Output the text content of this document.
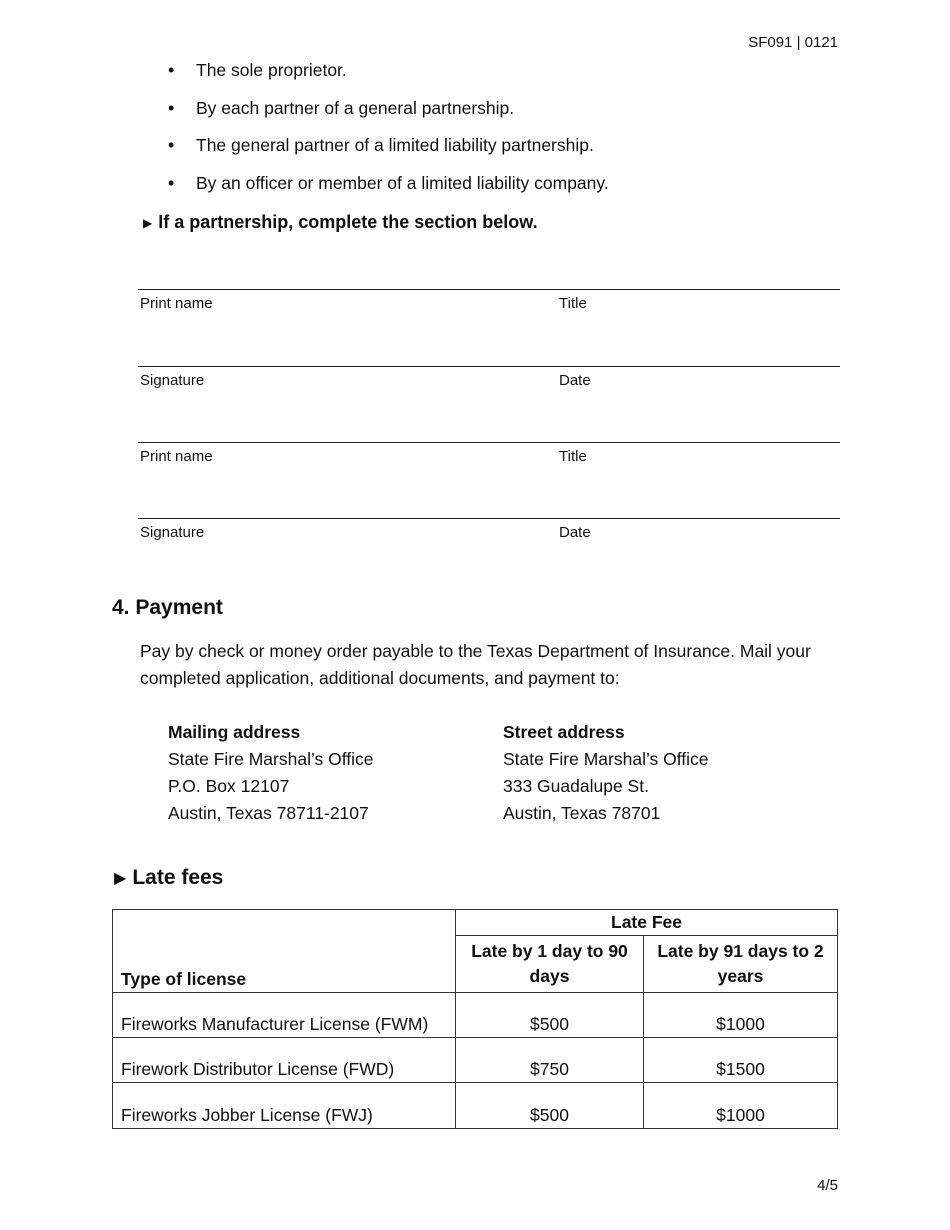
SF091 | 0121
• The sole proprietor.
• By each partner of a general partnership.
• The general partner of a limited liability partnership.
• By an officer or member of a limited liability company.
▶ If a partnership, complete the section below.
Print name	Title
Signature	Date
Print name	Title
Signature	Date
4. Payment
Pay by check or money order payable to the Texas Department of Insurance. Mail your completed application, additional documents, and payment to:
Mailing address
State Fire Marshal’s Office
P.O. Box 12107
Austin, Texas 78711-2107
Street address
State Fire Marshal’s Office
333 Guadalupe St.
Austin, Texas 78701
▶ Late fees
Type of license	Late Fee	
	Late by 1 day to 90 days	Late by 91 days to 2 years
Fireworks Manufacturer License (FWM)	$500	$1000
Firework Distributor License (FWD)	$750	$1500
Fireworks Jobber License (FWJ)	$500	$1000
4/5
